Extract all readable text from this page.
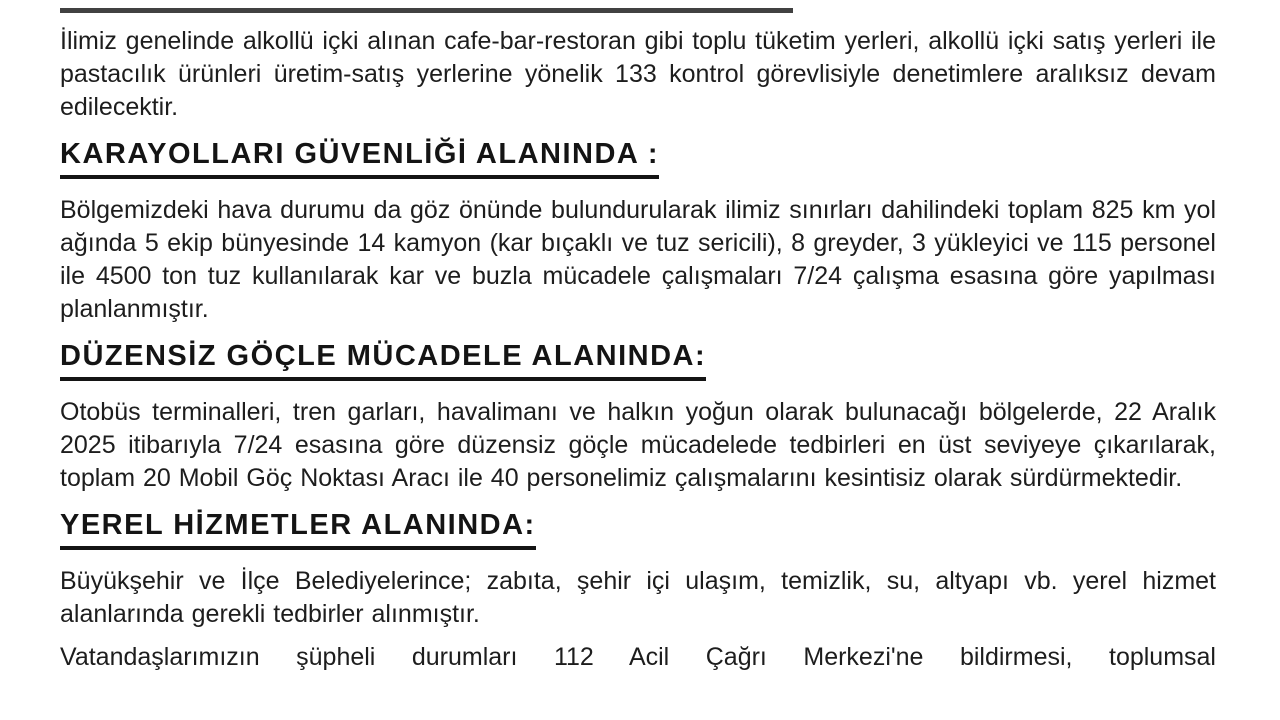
İlimiz genelinde alkollü içki alınan cafe-bar-restoran gibi toplu tüketim yerleri, alkollü içki satış yerleri ile pastacılık ürünleri üretim-satış yerlerine yönelik 133 kontrol görevlisiyle denetimlere aralıksız devam edilecektir.

KARAYOLLARI GÜVENLİĞİ ALANINDA :

Bölgemizdeki hava durumu da göz önünde bulundurularak ilimiz sınırları dahilindeki toplam 825 km yol ağında 5 ekip bünyesinde 14 kamyon (kar bıçaklı ve tuz sericili), 8 greyder, 3 yükleyici ve 115 personel ile 4500 ton tuz kullanılarak kar ve buzla mücadele çalışmaları 7/24 çalışma esasına göre yapılması planlanmıştır.

DÜZENSİZ GÖÇLE MÜCADELE ALANINDA:

Otobüs terminalleri, tren garları, havalimanı ve halkın yoğun olarak bulunacağı bölgelerde, 22 Aralık 2025 itibarıyla 7/24 esasına göre düzensiz göçle mücadelede tedbirleri en üst seviyeye çıkarılarak, toplam 20 Mobil Göç Noktası Aracı ile 40 personelimiz çalışmalarını kesintisiz olarak sürdürmektedir.

YEREL HİZMETLER ALANINDA:

Büyükşehir ve İlçe Belediyelerince; zabıta, şehir içi ulaşım, temizlik, su, altyapı vb. yerel hizmet alanlarında gerekli tedbirler alınmıştır.

Vatandaşlarımızın şüpheli durumları 112 Acil Çağrı Merkezi'ne bildirmesi, toplumsal
